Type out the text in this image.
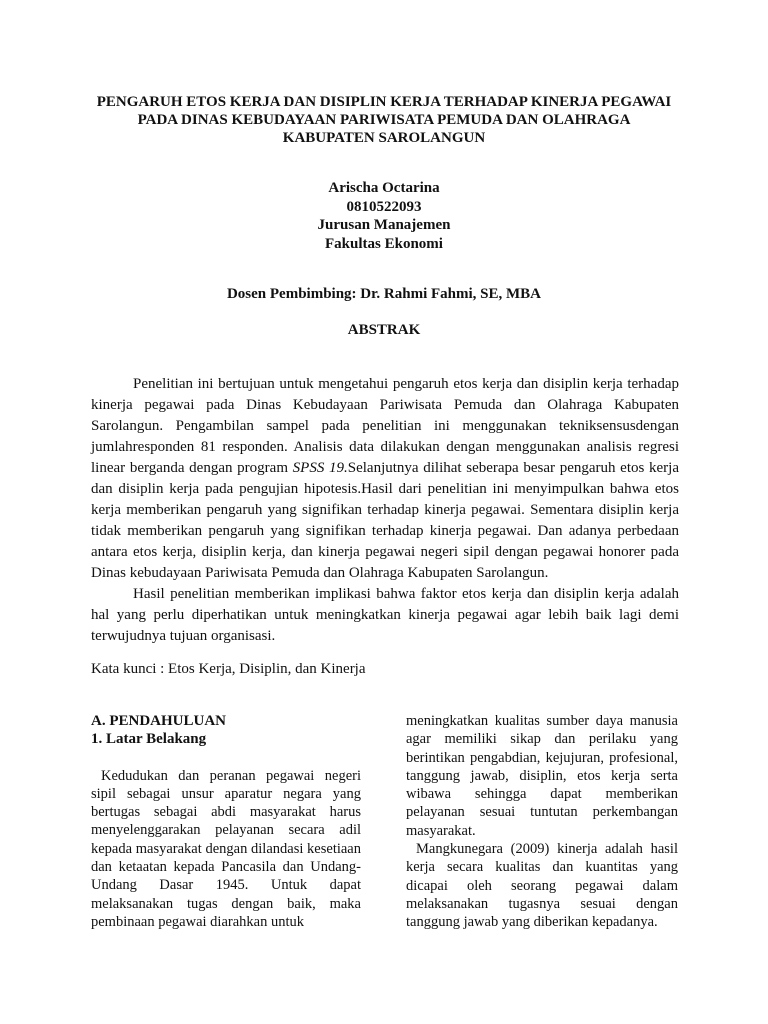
PENGARUH ETOS KERJA DAN DISIPLIN KERJA TERHADAP KINERJA PEGAWAI
PADA DINAS KEBUDAYAAN PARIWISATA PEMUDA DAN OLAHRAGA
KABUPATEN SAROLANGUN
Arischa Octarina
0810522093
Jurusan Manajemen
Fakultas Ekonomi
Dosen Pembimbing: Dr. Rahmi Fahmi, SE, MBA
ABSTRAK

Penelitian ini bertujuan untuk mengetahui pengaruh etos kerja dan disiplin kerja terhadap kinerja pegawai pada Dinas Kebudayaan Pariwisata Pemuda dan Olahraga Kabupaten Sarolangun. Pengambilan sampel pada penelitian ini menggunakan tekniksensusdengan jumlahresponden 81 responden. Analisis data dilakukan dengan menggunakan analisis regresi linear berganda dengan program SPSS 19.Selanjutnya dilihat seberapa besar pengaruh etos kerja dan disiplin kerja pada pengujian hipotesis.Hasil dari penelitian ini menyimpulkan bahwa etos kerja memberikan pengaruh yang signifikan terhadap kinerja pegawai. Sementara disiplin kerja tidak memberikan pengaruh yang signifikan terhadap kinerja pegawai. Dan adanya perbedaan antara etos kerja, disiplin kerja, dan kinerja pegawai negeri sipil dengan pegawai honorer pada Dinas kebudayaan Pariwisata Pemuda dan Olahraga Kabupaten Sarolangun.

Hasil penelitian memberikan implikasi bahwa faktor etos kerja dan disiplin kerja adalah hal yang perlu diperhatikan untuk meningkatkan kinerja pegawai agar lebih baik lagi demi terwujudnya tujuan organisasi.

Kata kunci : Etos Kerja, Disiplin, dan Kinerja
A. PENDAHULUAN
1. Latar Belakang

Kedudukan dan peranan pegawai negeri sipil sebagai unsur aparatur negara yang bertugas sebagai abdi masyarakat harus menyelenggarakan pelayanan secara adil kepada masyarakat dengan dilandasi kesetiaan dan ketaatan kepada Pancasila dan Undang-Undang Dasar 1945. Untuk dapat melaksanakan tugas dengan baik, maka pembinaan pegawai diarahkan untuk

meningkatkan kualitas sumber daya manusia agar memiliki sikap dan perilaku yang berintikan pengabdian, kejujuran, profesional, tanggung jawab, disiplin, etos kerja serta wibawa sehingga dapat memberikan pelayanan sesuai tuntutan perkembangan masyarakat.

Mangkunegara (2009) kinerja adalah hasil kerja secara kualitas dan kuantitas yang dicapai oleh seorang pegawai dalam melaksanakan tugasnya sesuai dengan tanggung jawab yang diberikan kepadanya.
